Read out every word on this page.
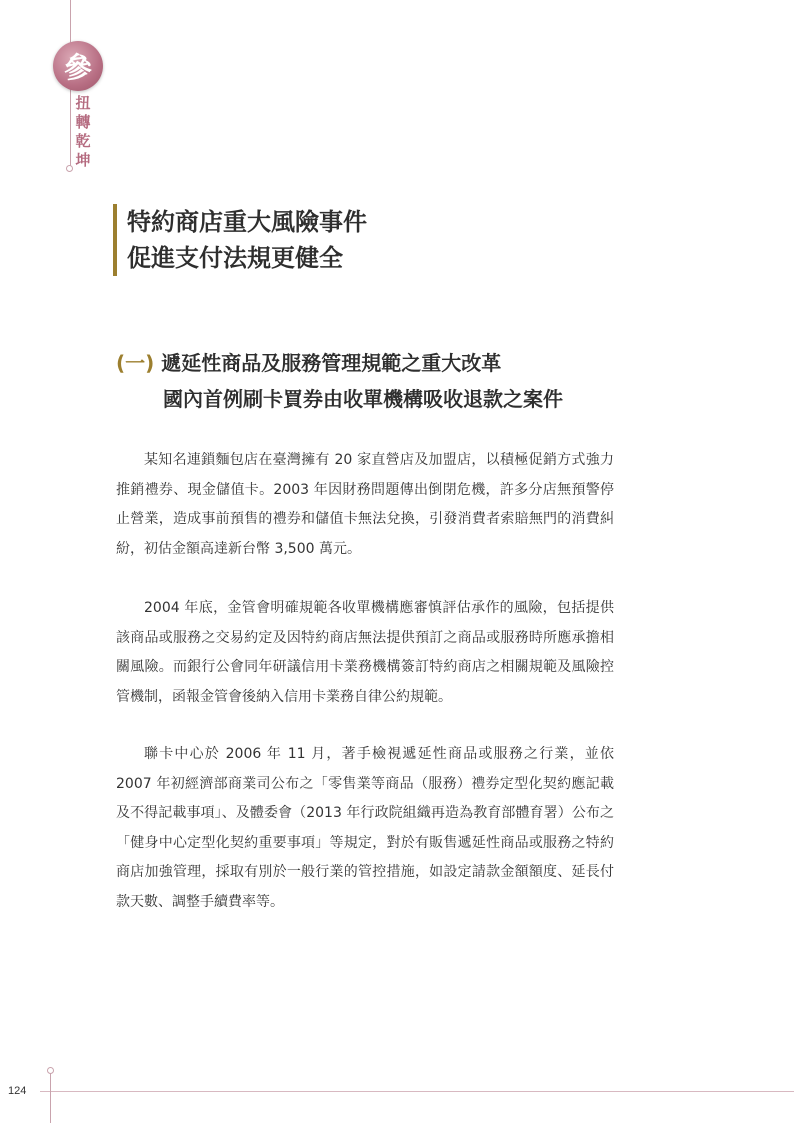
參
扭
轉
乾
坤
特約商店重大風險事件
促進支付法規更健全
(一) 遞延性商品及服務管理規範之重大改革
國內首例刷卡買券由收單機構吸收退款之案件

某知名連鎖麵包店在臺灣擁有 20 家直營店及加盟店，以積極促銷方式強力推銷禮券、現金儲值卡。2003 年因財務問題傳出倒閉危機，許多分店無預警停止營業，造成事前預售的禮券和儲值卡無法兌換，引發消費者索賠無門的消費糾紛，初估金額高達新台幣 3,500 萬元。

2004 年底，金管會明確規範各收單機構應審慎評估承作的風險，包括提供該商品或服務之交易約定及因特約商店無法提供預訂之商品或服務時所應承擔相關風險。而銀行公會同年研議信用卡業務機構簽訂特約商店之相關規範及風險控管機制，函報金管會後納入信用卡業務自律公約規範。

聯卡中心於 2006 年 11 月，著手檢視遞延性商品或服務之行業，並依 2007 年初經濟部商業司公布之「零售業等商品（服務）禮券定型化契約應記載及不得記載事項」、及體委會（2013 年行政院組織再造為教育部體育署）公布之「健身中心定型化契約重要事項」等規定，對於有販售遞延性商品或服務之特約商店加強管理，採取有別於一般行業的管控措施，如設定請款金額額度、延長付款天數、調整手續費率等。

124
